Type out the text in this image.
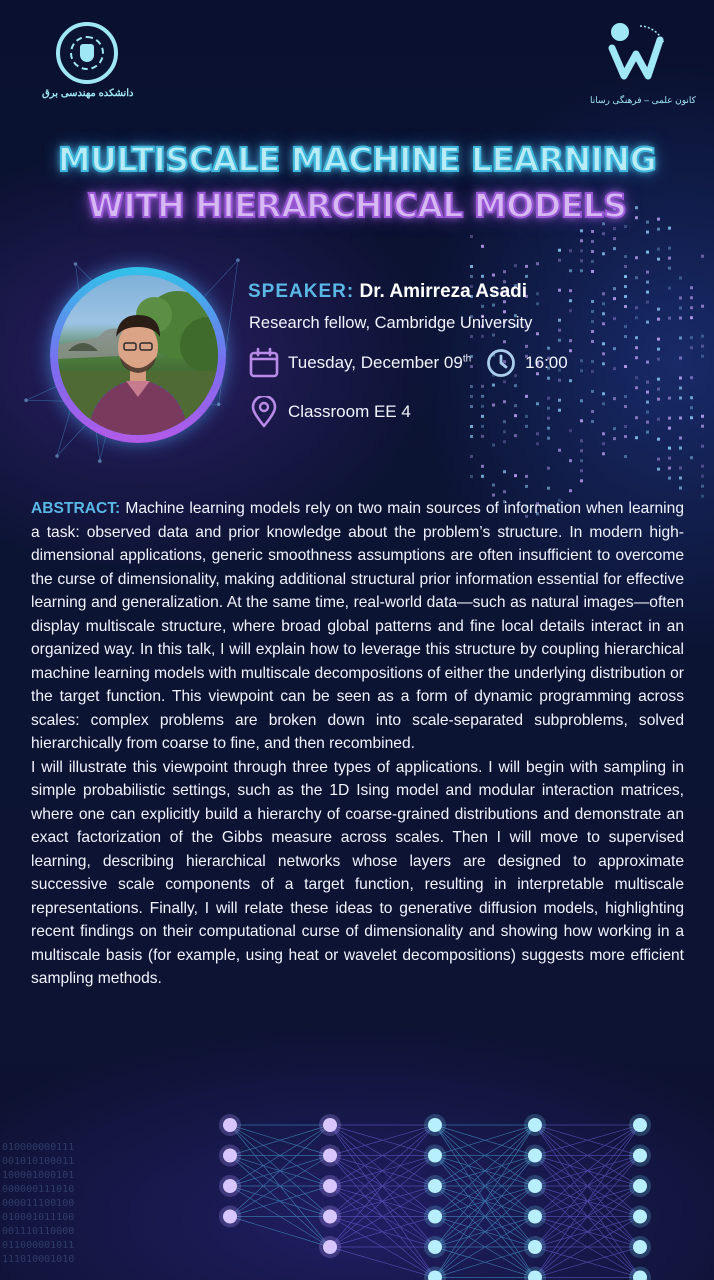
010000000111
001010100011
100001000101
000000111010
000011100100
010001011100
001110110000
011000001011
111010001010
دانشکده مهندسی برق
کانون علمی – فرهنگی رسانا
MULTISCALE MACHINE LEARNING
WITH HIERARCHICAL MODELS
SPEAKER: Dr. Amirreza Asadi
Research fellow, Cambridge University
Tuesday, December 09th	16:00
Classroom EE 4

ABSTRACT: Machine learning models rely on two main sources of information when learning a task: observed data and prior knowledge about the problem’s structure. In modern high-dimensional applications, generic smoothness assumptions are often insufficient to overcome the curse of dimensionality, making additional structural prior information essential for effective learning and generalization. At the same time, real-world data—such as natural images—often display multiscale structure, where broad global patterns and fine local details interact in an organized way. In this talk, I will explain how to leverage this structure by coupling hierarchical machine learning models with multiscale decompositions of either the underlying distribution or the target function. This viewpoint can be seen as a form of dynamic programming across scales: complex problems are broken down into scale-separated subproblems, solved hierarchically from coarse to fine, and then recombined.

I will illustrate this viewpoint through three types of applications. I will begin with sampling in simple probabilistic settings, such as the 1D Ising model and modular interaction matrices, where one can explicitly build a hierarchy of coarse-grained distributions and demonstrate an exact factorization of the Gibbs measure across scales. Then I will move to supervised learning, describing hierarchical networks whose layers are designed to approximate successive scale components of a target function, resulting in interpretable multiscale representations. Finally, I will relate these ideas to generative diffusion models, highlighting recent findings on their computational curse of dimensionality and showing how working in a multiscale basis (for example, using heat or wavelet decompositions) suggests more efficient sampling methods.
